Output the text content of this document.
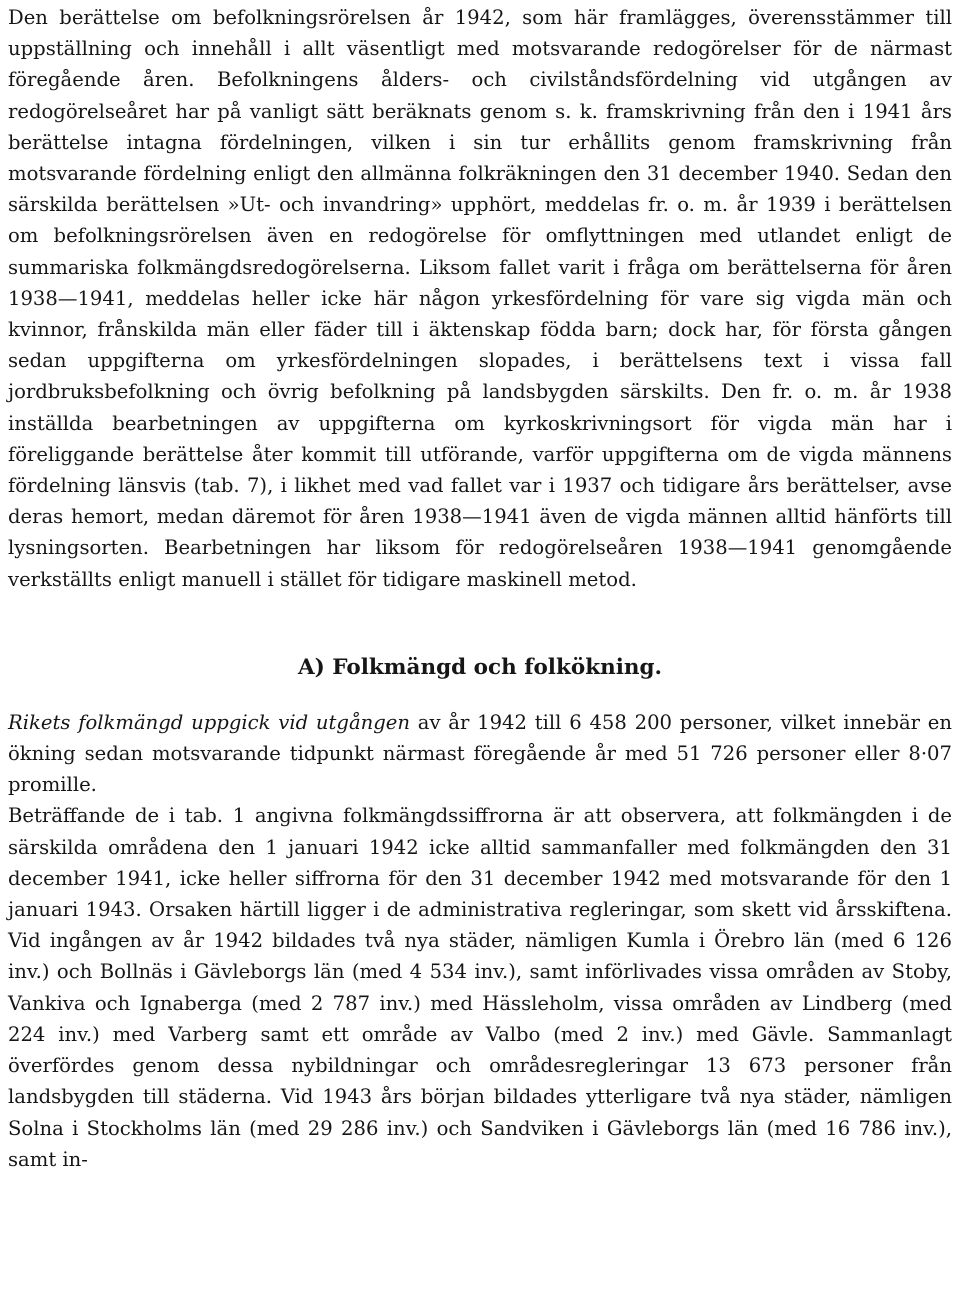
Den berättelse om befolkningsrörelsen år 1942, som här framlägges, överensstämmer till uppställning och innehåll i allt väsentligt med motsvarande redogörelser för de närmast föregående åren. Befolkningens ålders- och civilståndsfördelning vid utgången av redogörelseåret har på vanligt sätt beräknats genom s. k. framskrivning från den i 1941 års berättelse intagna fördelningen, vilken i sin tur erhållits genom framskrivning från motsvarande fördelning enligt den allmänna folkräkningen den 31 december 1940. Sedan den särskilda berättelsen »Ut- och invandring» upphört, meddelas fr. o. m. år 1939 i berättelsen om befolkningsrörelsen även en redogörelse för omflyttningen med utlandet enligt de summariska folkmängdsredogörelserna. Liksom fallet varit i fråga om berättelserna för åren 1938—1941, meddelas heller icke här någon yrkesfördelning för vare sig vigda män och kvinnor, frånskilda män eller fäder till i äktenskap födda barn; dock har, för första gången sedan uppgifterna om yrkesfördelningen slopades, i berättelsens text i vissa fall jordbruksbefolkning och övrig befolkning på landsbygden särskilts. Den fr. o. m. år 1938 inställda bearbetningen av uppgifterna om kyrkoskrivningsort för vigda män har i föreliggande berättelse åter kommit till utförande, varför uppgifterna om de vigda männens fördelning länsvis (tab. 7), i likhet med vad fallet var i 1937 och tidigare års berättelser, avse deras hemort, medan däremot för åren 1938—1941 även de vigda männen alltid hänförts till lysningsorten. Bearbetningen har liksom för redogörelseåren 1938—1941 genomgående verkställts enligt manuell i stället för tidigare maskinell metod.

A) Folkmängd och folkökning.

Rikets folkmängd uppgick vid utgången av år 1942 till 6 458 200 personer, vilket innebär en ökning sedan motsvarande tidpunkt närmast föregående år med 51 726 personer eller 8·07 promille.

Beträffande de i tab. 1 angivna folkmängdssiffrorna är att observera, att folkmängden i de särskilda områdena den 1 januari 1942 icke alltid sammanfaller med folkmängden den 31 december 1941, icke heller siffrorna för den 31 december 1942 med motsvarande för den 1 januari 1943. Orsaken härtill ligger i de administrativa regleringar, som skett vid årsskiftena. Vid ingången av år 1942 bildades två nya städer, nämligen Kumla i Örebro län (med 6 126 inv.) och Bollnäs i Gävleborgs län (med 4 534 inv.), samt införlivades vissa områden av Stoby, Vankiva och Ignaberga (med 2 787 inv.) med Hässleholm, vissa områden av Lindberg (med 224 inv.) med Varberg samt ett område av Valbo (med 2 inv.) med Gävle. Sammanlagt överfördes genom dessa nybildningar och områdesregleringar 13 673 personer från landsbygden till städerna. Vid 1943 års början bildades ytterligare två nya städer, nämligen Solna i Stockholms län (med 29 286 inv.) och Sandviken i Gävleborgs län (med 16 786 inv.), samt in-
